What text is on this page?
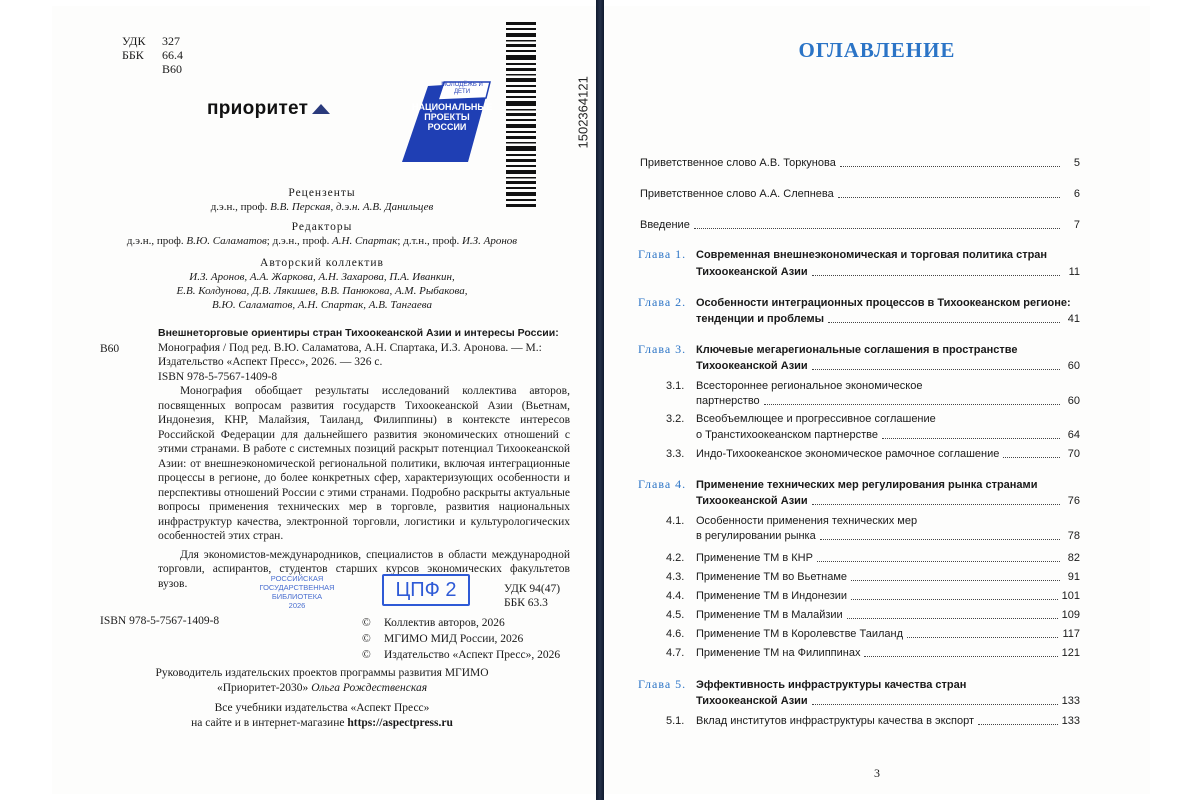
УДК	327
ББК	66.4
В60
приоритет
МОЛОДЁЖЬ И ДЕТИ
НАЦИОНАЛЬНЫЕ
ПРОЕКТЫ
РОССИИ	1502364121
Рецензенты
д.э.н., проф. В.В. Перская, д.э.н. А.В. Данильцев
Редакторы
д.э.н., проф. В.Ю. Саламатов; д.э.н., проф. А.Н. Спартак; д.т.н., проф. И.З. Аронов
Авторский коллектив
И.З. Аронов, А.А. Жаркова, А.Н. Захарова, П.А. Иванкин,
Е.В. Колдунова, Д.В. Лякишев, В.В. Панюкова, А.М. Рыбакова,
В.Ю. Саламатов, А.Н. Спартак, А.В. Тангаева
В60
Внешнеторговые ориентиры стран Тихоокеанской Азии и интересы России:
Монография / Под ред. В.Ю. Саламатова, А.Н. Спартака, И.З. Аронова. — М.:
Издательство «Аспект Пресс», 2026. — 326 с.
ISBN 978-5-7567-1409-8
Монография обобщает результаты исследований коллектива авторов, посвященных вопросам развития государств Тихоокеанской Азии (Вьетнам, Индонезия, КНР, Малайзия, Таиланд, Филиппины) в контексте интересов Российской Федерации для дальнейшего развития экономических отношений с этими странами. В работе с системных позиций раскрыт потенциал Тихоокеанской Азии: от внешнеэкономической региональной политики, включая интеграционные процессы в регионе, до более конкретных сфер, характеризующих особенности и перспективы отношений России с этими странами. Подробно раскрыты актуальные вопросы применения технических мер в торговле, развития национальных инфраструктур качества, электронной торговли, логистики и культурологических особенностей этих стран.
Для экономистов-международников, специалистов в области международной торговли, аспирантов, студентов старших курсов экономических факультетов вузов.	РОССИЙСКАЯ
ГОСУДАРСТВЕННАЯ
БИБЛИОТЕКА
2026
ЦПФ 2	УДК 94(47)
ББК 63.3
ISBN 978-5-7567-1409-8	© Коллектив авторов, 2026
© МГИМО МИД России, 2026
© Издательство «Аспект Пресс», 2026
Руководитель издательских проектов программы развития МГИМО
«Приоритет-2030» Ольга Рождественская
Все учебники издательства «Аспект Пресс»
на сайте и в интернет-магазине https://aspectpress.ru
ОГЛАВЛЕНИЕ
Приветственное слово А.В. Торкунова	5
Приветственное слово А.А. Слепнева	6
Введение	7
Глава 1. Современная внешнеэкономическая и торговая политика стран
Тихоокеанской Азии	11
Глава 2. Особенности интеграционных процессов в Тихоокеанском регионе:
тенденции и проблемы	41
Глава 3. Ключевые мегарегиональные соглашения в пространстве
Тихоокеанской Азии	60
3.1. Всестороннее региональное экономическое
партнерство	60
3.2. Всеобъемлющее и прогрессивное соглашение
о Транстихоокеанском партнерстве	64
3.3. Индо-Тихоокеанское экономическое рамочное соглашение	70
Глава 4. Применение технических мер регулирования рынка странами
Тихоокеанской Азии	76
4.1. Особенности применения технических мер
в регулировании рынка	78
4.2. Применение ТМ в КНР	82
4.3. Применение ТМ во Вьетнаме	91
4.4. Применение ТМ в Индонезии	101
4.5. Применение ТМ в Малайзии	109
4.6. Применение ТМ в Королевстве Таиланд	117
4.7. Применение ТМ на Филиппинах	121
Глава 5. Эффективность инфраструктуры качества стран
Тихоокеанской Азии	133
5.1. Вклад институтов инфраструктуры качества в экспорт	133
3
